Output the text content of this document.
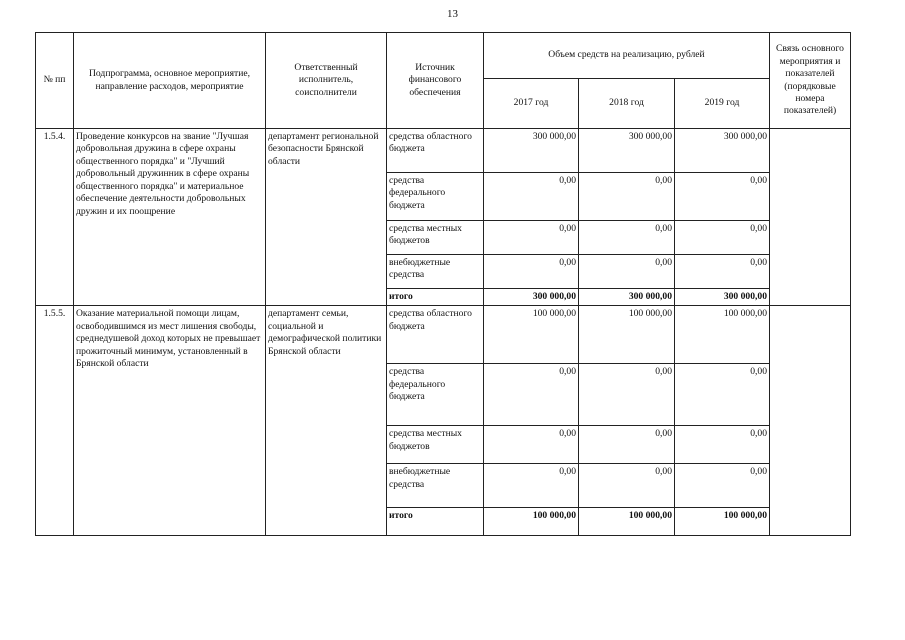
13
№ пп	Подпрограмма, основное мероприятие, направление расходов, мероприятие	Ответственный исполнитель, соисполнители	Источник финансового обеспечения	Объем средств на реализацию, рублей			Связь основного мероприятия и показателей (порядковые номера показателей)
				2017 год	2018 год	2019 год	
1.5.4.	Проведение конкурсов на звание "Лучшая добровольная дружина в сфере охраны общественного порядка" и "Лучший добровольный дружинник в сфере охраны общественного порядка" и материальное обеспечение деятельности добровольных дружин и их поощрение	департамент региональной безопасности Брянской области	средства областного бюджета	300 000,00	300 000,00	300 000,00	
			средства федерального бюджета	0,00	0,00	0,00	
			средства местных бюджетов	0,00	0,00	0,00	
			внебюджетные средства	0,00	0,00	0,00	
			итого	300 000,00	300 000,00	300 000,00	
1.5.5.	Оказание материальной помощи лицам, освободившимся из мест лишения свободы, среднедушевой доход которых не превышает прожиточный минимум, установленный в Брянской области	департамент семьи, социальной и демографической политики Брянской области	средства областного бюджета	100 000,00	100 000,00	100 000,00	
			средства федерального бюджета	0,00	0,00	0,00	
			средства местных бюджетов	0,00	0,00	0,00	
			внебюджетные средства	0,00	0,00	0,00	
			итого	100 000,00	100 000,00	100 000,00	
